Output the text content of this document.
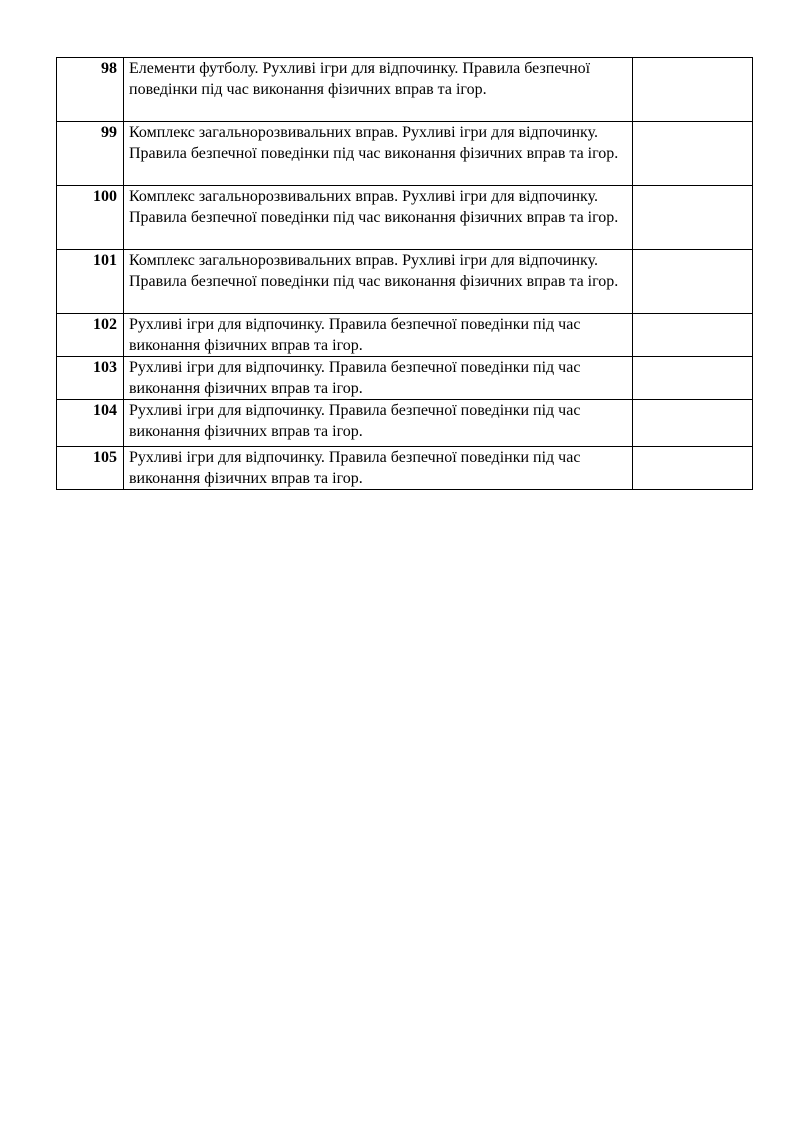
98	Елементи футболу. Рухливі ігри для відпочинку. Правила безпечної поведінки під час виконання фізичних вправ та ігор.	
99	Комплекс загальнорозвивальних вправ. Рухливі ігри для відпочинку. Правила безпечної поведінки під час виконання фізичних вправ та ігор.	
100	Комплекс загальнорозвивальних вправ. Рухливі ігри для відпочинку. Правила безпечної поведінки під час виконання фізичних вправ та ігор.	
101	Комплекс загальнорозвивальних вправ. Рухливі ігри для відпочинку. Правила безпечної поведінки під час виконання фізичних вправ та ігор.	
102	Рухливі ігри для відпочинку. Правила безпечної поведінки під час виконання фізичних вправ та ігор.	
103	Рухливі ігри для відпочинку. Правила безпечної поведінки під час виконання фізичних вправ та ігор.	
104	Рухливі ігри для відпочинку. Правила безпечної поведінки під час виконання фізичних вправ та ігор.	
105	Рухливі ігри для відпочинку. Правила безпечної поведінки під час виконання фізичних вправ та ігор.	
